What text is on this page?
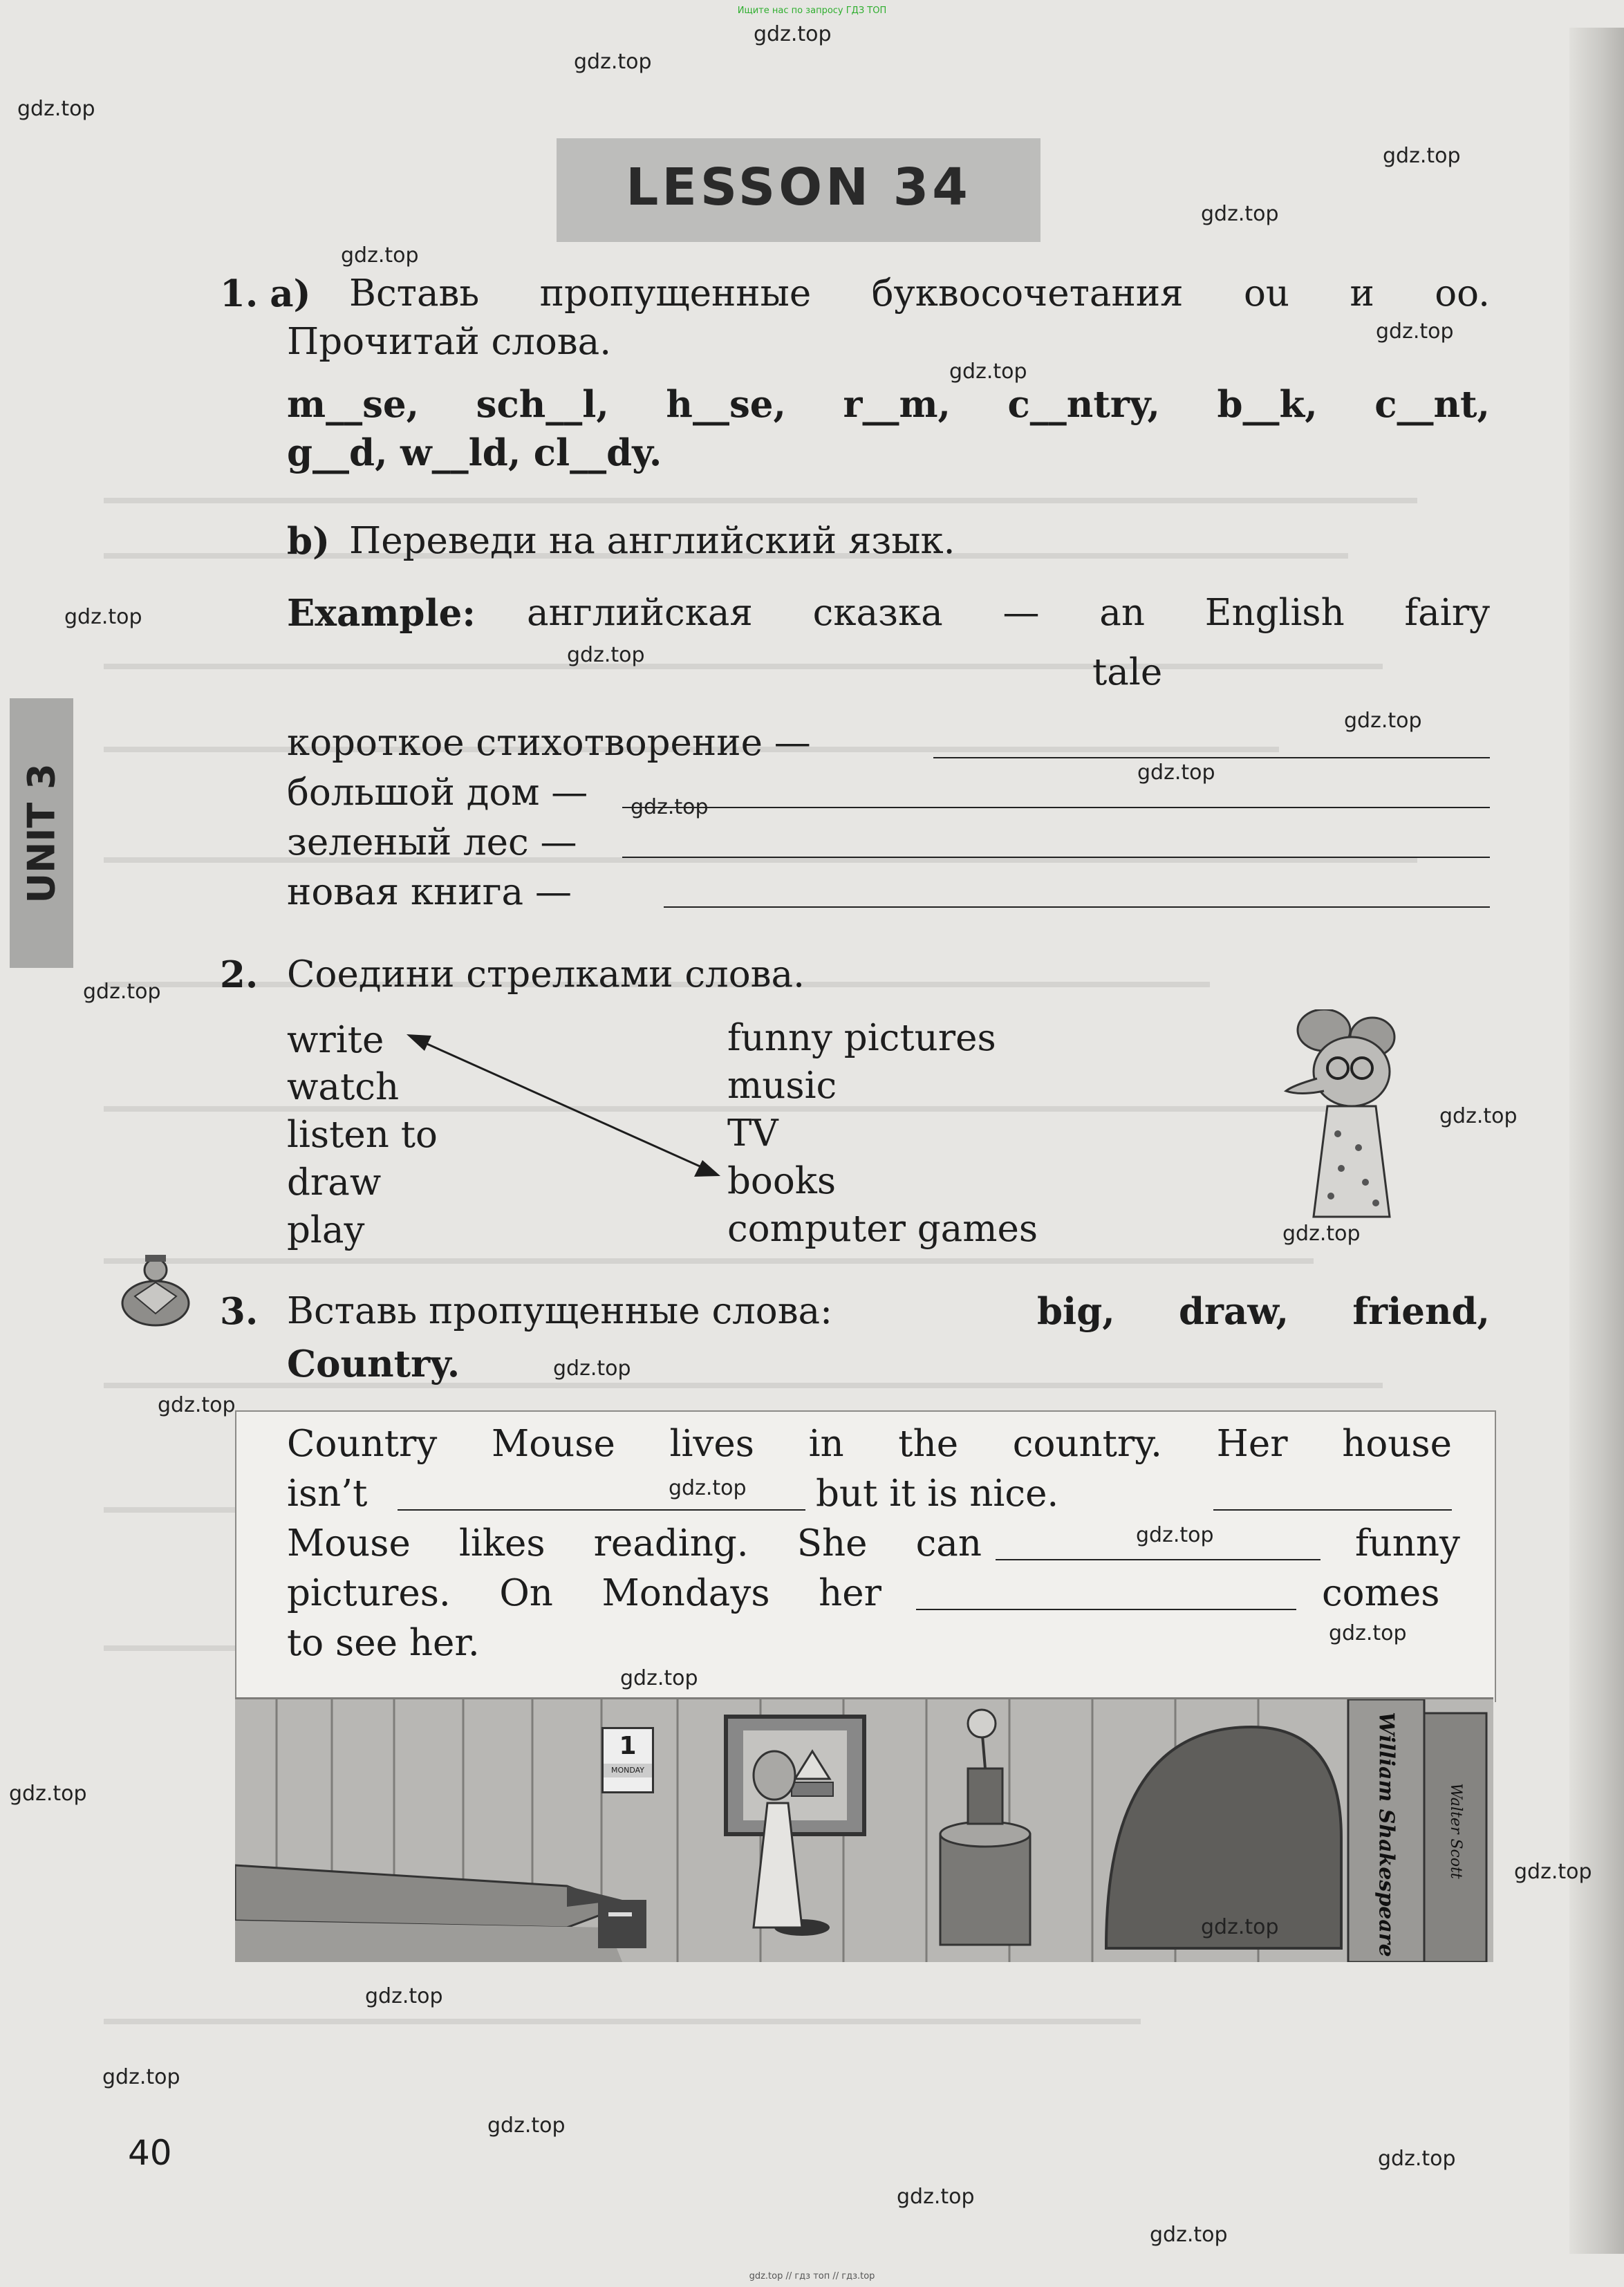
Ищите нас по запросу ГДЗ ТОП
LESSON 34
UNIT 3
1. a) Вставь пропущенные буквосочетания ou и oo.
Прочитай слова.
m__se, sch__l, h__se, r__m, c__ntry, b__k, c__nt,
g__d, w__ld, cl__dy.
b) Переведи на английский язык.
Example: английская сказка — an English fairy
tale
короткое стихотворение —
большой дом —
зеленый лес —
новая книга —
2. Соедини стрелками слова.
write
watch
listen to
draw
play
funny pictures
music
TV
books
computer games
3. Вставь пропущенные слова:	big, draw, friend,
Country.
Country Mouse lives in the country. Her house
isn’t	but it is nice.
Mouse likes reading. She can	funny
pictures. On Mondays her	comes
to see her.
1
MONDAY	William Shakespeare	Walter Scott
40
gdz.top
gdz.top
gdz.top
gdz.top
gdz.top
gdz.top
gdz.top
gdz.top
gdz.top
gdz.top
gdz.top
gdz.top
gdz.top
gdz.top
gdz.top
gdz.top
gdz.top
gdz.top
gdz.top
gdz.top
gdz.top
gdz.top
gdz.top
gdz.top
gdz.top
gdz.top
gdz.top
gdz.top
gdz.top
gdz.top
gdz.top
gdz.top // гдз топ // гдз.top
